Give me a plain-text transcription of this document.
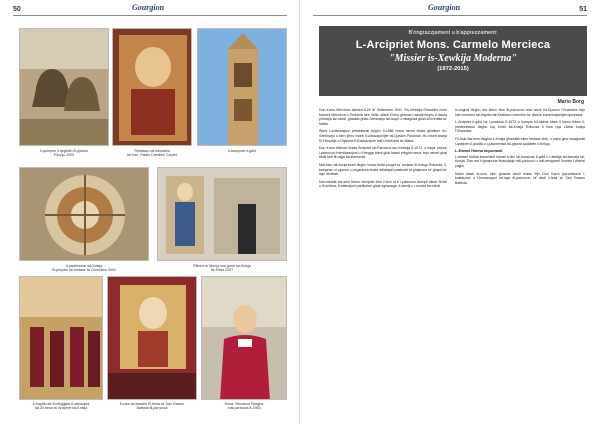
50	Gourgion
Il-qniepen li qeghdin fil-pjazza
f'Gunju 2005
Restawru tal-inkwadru
tal-Kan. Pawlu Camilleri Cauchi
Il-kampnar il-gdid
Il-pavimentar tal-Knisja
fil-perjodu tal-restawr ta' Dicembru 2002
Pittura ta' Marija mal-genb tal-Knisja
fis-Sena 2007
Il-Kapitlu tal-Kolleggjata fl-okkazjoni
tal-20 sena ta' Arcipriet tal-Knisja
Il-vara tal-kwadru fil-festa ta' San Gwann
Battista fil-parrocca
Mons. Mercieca f'laqgha
mal-parrocca fl-1983
Gourgion	51
B'ringrazzjament u b'apprezzament:
L-Arcipriet Mons. Carmelo Mercieca
"Missier is-Xewkija Moderna"
(1972-2015)
Mario Borg

Dun Karm Mercieca twieled fl-25 ta' Settembru 1941. Fis-Xewkija Ghawdex minn Marcell Mercieca u Teresina nee Vella. Wara li kien ghamel l-istudji tieghu fl-iskola primarja tar-rahal, ghadda ghas-Seminarju tal-Isqof u mbaghad ghall-Universita ta' Malta.

Wara l-ordinazzjoni presbiterali tieghu fl-1966 huwa serva bhala ghalliem fis-Seminarju u kien jiehu hsieb il-vokazzjonijiet tal-Qasam Pastorali. Hu kiseb lawrja fil-Filosofija u Diploma fl-Edukazzjoni mill-Universita ta' Malta.

Dun Karm ittiehed bhala Arcipriet tal-Parrocca tax-Xewkija fl-1972, u baqa' jmexxi l-parrocca b'dedikazzjoni u b'hegga kbira ghal kwazi erbghin sena, fejn xehed ghal tibdil kbir fil-hajja tal-komunita.

Mal-bidu tal-Arcipretura tieghu huwa beda proget ta' restawr fil-Knisja Rotunda, il-kampnar u l-pjazza, u organizza bosta attivitajiet pastorali bl-ghajnuna ta' ghadd ta' lajci dedikati.

Mal-medda tas-snin Mons. Arcipriet Dun Karm ra li l-parrocca tkompli tikber fil-fidi u fil-kultura, b'attenzjoni partikolari ghaz-zghazagh, il-familji u l-morda tar-rahal.

Ix-xoghol tieghu ma kienx biss fil-parrocca izda wkoll fid-Djocesi t'Ghawdex fejn kien membru tal-Kapitlu tal-Katidral u membru ta' diversi kummissjonijiet djocesani.

L-Arcipriet il-gdid ha l-pussess fl-1972 u kompla bil-hidma kbira li kienu bdew il-predecessuri tieghu fuq il-bini tal-Knisja Rotunda li llum hija l-ikbar knisja f'Ghawdex.

Fil-bidu tas-snin disghin il-Knisja ghaddiet minn restawr shih, u wara gew inawgurati l-qniepen il-godda u l-pavimentar tal-pjazza quddiem il-Knisja.

L-Ewwel Hidma Importanti

L-ewwel hidma importanti kienet il-bini tal-kampnar il-gdid u t-tlestija tal-faccata tal-Knisja. Dan sar b'ghajnuna finanzjarja mill-parrocci u mill-emigranti Xewkin f'diversi pajjizi.

Matul dawn is-snin, kien ghadda wkoll zmien fejn Dun Karm ippromwova l-katekizmu u l-formazzjoni tal-lajci fil-parrocca, kif ukoll il-festi ta' San Gwann Battista.
